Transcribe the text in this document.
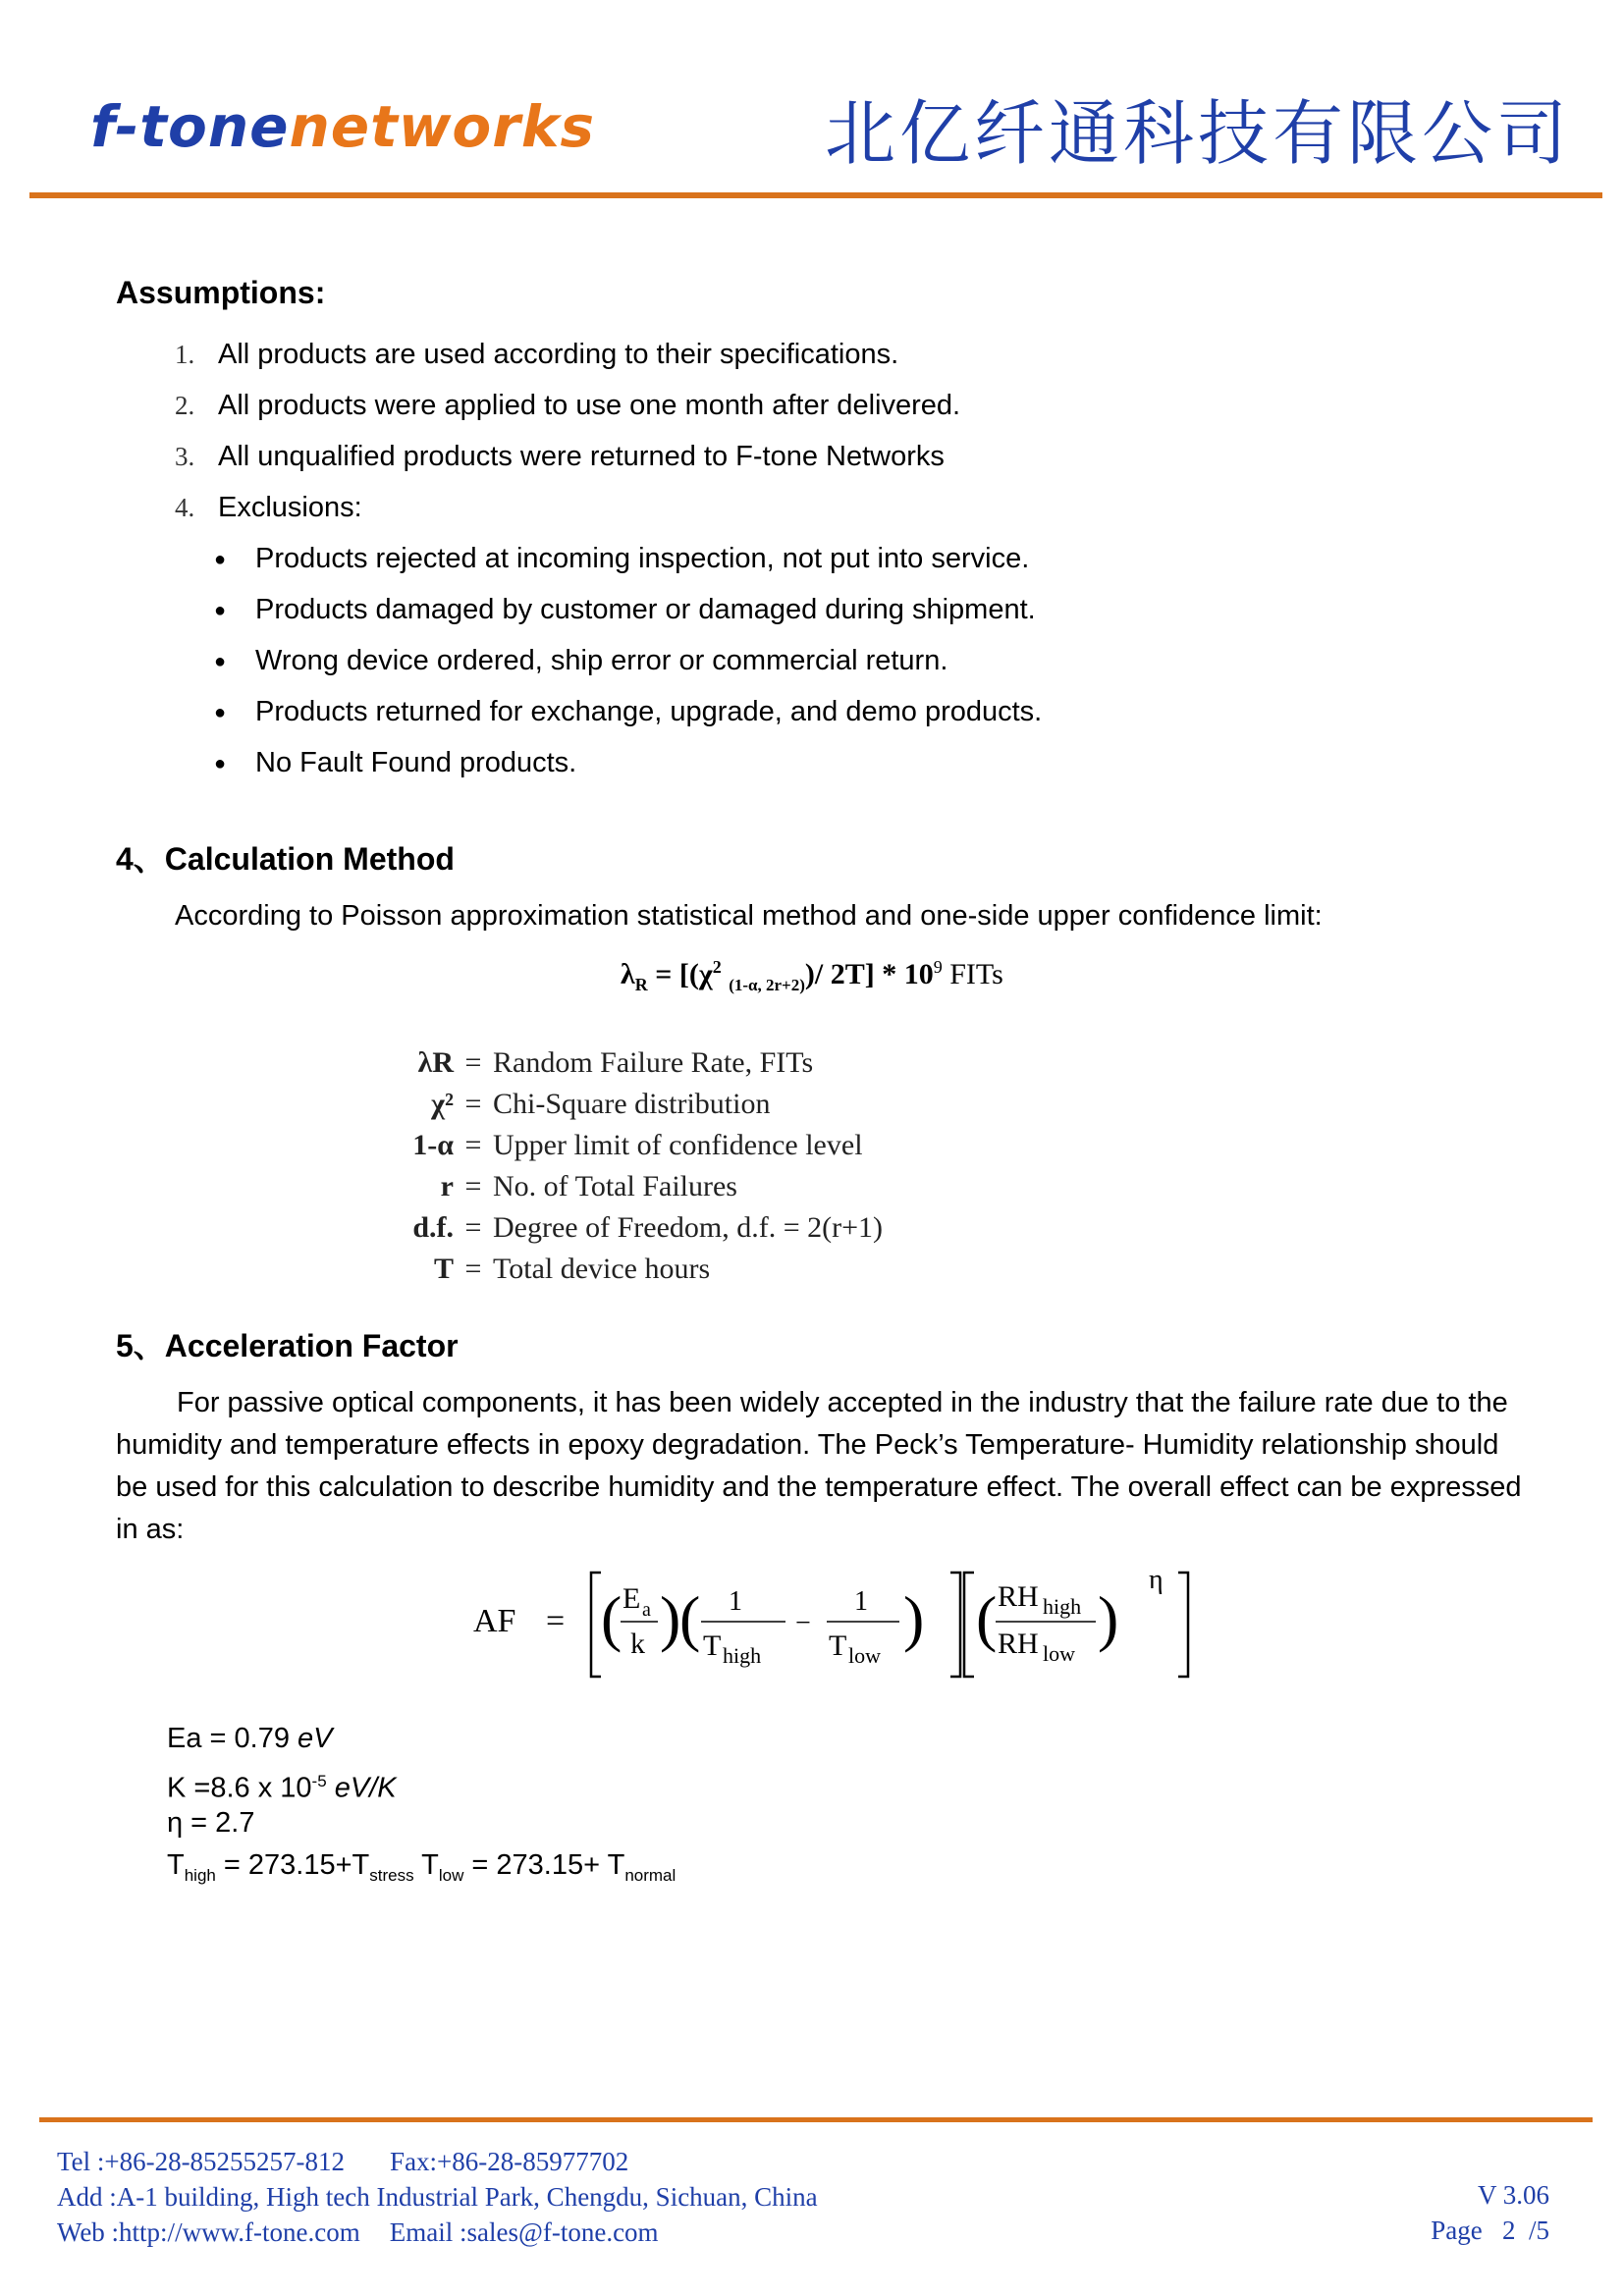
f-tonenetworks	北亿纤通科技有限公司
Assumptions:
1. All products are used according to their specifications.
2. All products were applied to use one month after delivered.
3. All unqualified products were returned to F-tone Networks
4. Exclusions:
● Products rejected at incoming inspection, not put into service.
● Products damaged by customer or damaged during shipment.
● Wrong device ordered, ship error or commercial return.
● Products returned for exchange, upgrade, and demo products.
● No Fault Found products.
4、Calculation Method
According to Poisson approximation statistical method and one-side upper confidence limit:
$\lambda_R = [(\chi^2$ $_{(1-\alpha, 2r+2)}$)/ $2T] * 10^9$ FITs
λR = Random Failure Rate, FITs
χ² = Chi-Square distribution
1-α = Upper limit of confidence level
r = No. of Total Failures
d.f. = Degree of Freedom, d.f. = 2(r+1)
T = Total device hours
5、Acceleration Factor
For passive optical components, it has been widely accepted in the industry that the failure rate due to the humidity and temperature effects in epoxy degradation. The Peck’s Temperature- Humidity relationship should be used for this calculation to describe humidity and the temperature effect. The overall effect can be expressed in as:
AF = ( E a
k )
( 1
T high
−
1
T low
) ( RH high
RH low
)
η
Ea = 0.79 eV
K =8.6 x $10^{-5}$ eV/K
η = 2.7
$T_{high} = 273.15+T_{stress}$ $T_{low} = 273.15+ T_{normal}$
Tel :+86-28-85255257-812 Fax:+86-28-85977702
Add :A-1 building, High tech Industrial Park, Chengdu, Sichuan, China
Web :http://www.f-tone.com Email :sales@f-tone.com
V 3.06
Page 2 /5
